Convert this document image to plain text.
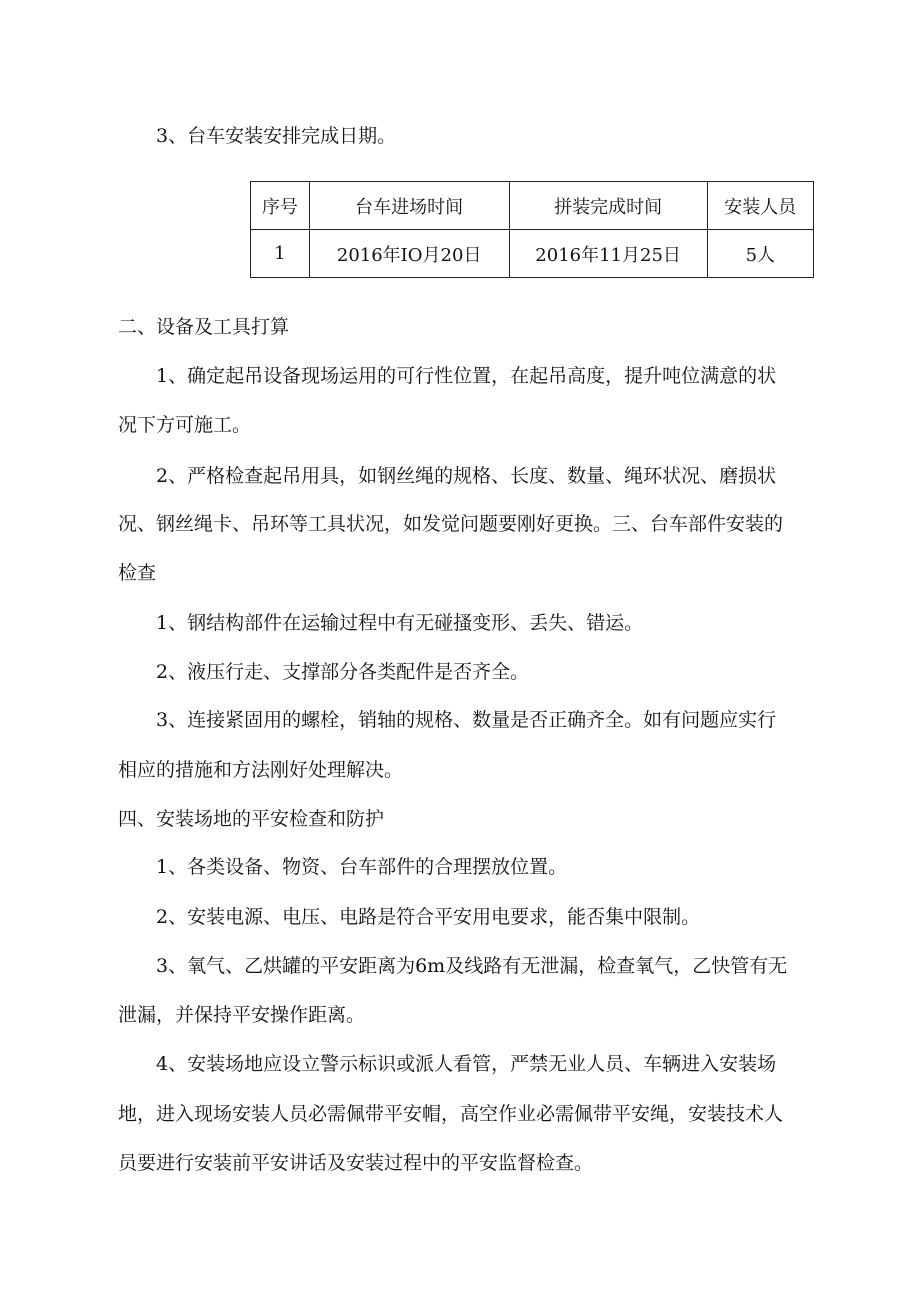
3、台车安装安排完成日期。
序号	台车进场时间	拼装完成时间	安装人员
1	2016年IO月20日	2016年11月25日	5人
二、设备及工具打算
1、确定起吊设备现场运用的可行性位置，在起吊高度，提升吨位满意的状
况下方可施工。
2、严格检查起吊用具，如钢丝绳的规格、长度、数量、绳环状况、磨损状
况、钢丝绳卡、吊环等工具状况，如发觉问题要刚好更换。三、台车部件安装的
检查
1、钢结构部件在运输过程中有无碰搔变形、丢失、错运。
2、液压行走、支撑部分各类配件是否齐全。
3、连接紧固用的螺栓，销轴的规格、数量是否正确齐全。如有问题应实行
相应的措施和方法刚好处理解决。
四、安装场地的平安检查和防护
1、各类设备、物资、台车部件的合理摆放位置。
2、安装电源、电压、电路是符合平安用电要求，能否集中限制。
3、氧气、乙烘罐的平安距离为6m及线路有无泄漏，检查氧气，乙快管有无
泄漏，并保持平安操作距离。
4、安装场地应设立警示标识或派人看管，严禁无业人员、车辆进入安装场
地，进入现场安装人员必需佩带平安帽，高空作业必需佩带平安绳，安装技术人
员要进行安装前平安讲话及安装过程中的平安监督检查。
